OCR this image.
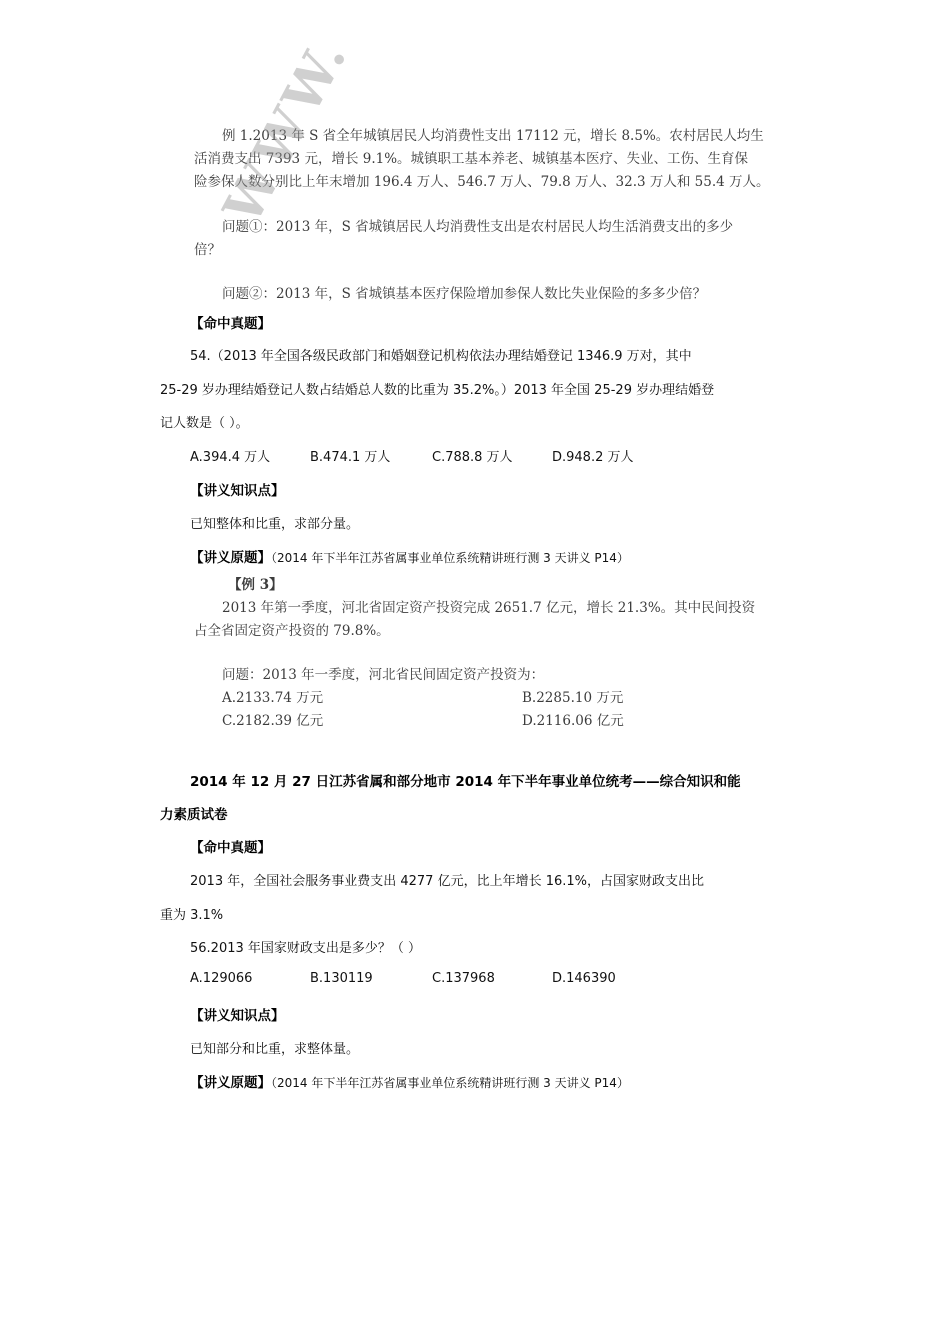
例 1.2013 年 S 省全年城镇居民人均消费性支出 17112 元，增长 8.5%。农村居民人均生
活消费支出 7393 元，增长 9.1%。城镇职工基本养老、城镇基本医疗、失业、工伤、生育保
险参保人数分别比上年末增加 196.4 万人、546.7 万人、79.8 万人、32.3 万人和 55.4 万人。
问题①：2013 年，S 省城镇居民人均消费性支出是农村居民人均生活消费支出的多少
倍？
问题②：2013 年，S 省城镇基本医疗保险增加参保人数比失业保险的多多少倍？
WWW.
【命中真题】
54.（2013 年全国各级民政部门和婚姻登记机构依法办理结婚登记 1346.9 万对，其中
25-29 岁办理结婚登记人数占结婚总人数的比重为 35.2%。）2013 年全国 25-29 岁办理结婚登
记人数是（ ）。
A.394.4 万人	B.474.1 万人	C.788.8 万人	D.948.2 万人
【讲义知识点】
已知整体和比重，求部分量。
【讲义原题】（2014 年下半年江苏省属事业单位系统精讲班行测 3 天讲义 P14）
【例 3】
2013 年第一季度，河北省固定资产投资完成 2651.7 亿元，增长 21.3%。其中民间投资
占全省固定资产投资的 79.8%。
问题：2013 年一季度，河北省民间固定资产投资为：
A.2133.74 万元	B.2285.10 万元
C.2182.39 亿元	D.2116.06 亿元
2014 年 12 月 27 日江苏省属和部分地市 2014 年下半年事业单位统考——综合知识和能
力素质试卷
【命中真题】
2013 年，全国社会服务事业费支出 4277 亿元，比上年增长 16.1%，占国家财政支出比
重为 3.1%
56.2013 年国家财政支出是多少？（ ）
A.129066	B.130119	C.137968	D.146390
【讲义知识点】
已知部分和比重，求整体量。
【讲义原题】（2014 年下半年江苏省属事业单位系统精讲班行测 3 天讲义 P14）
